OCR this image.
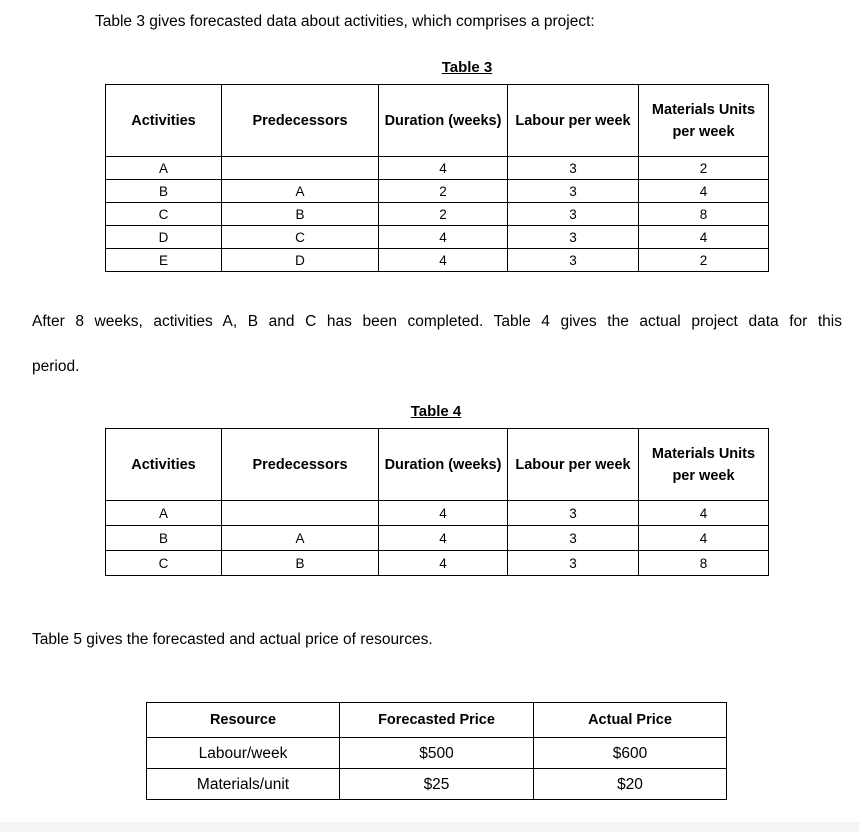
Table 3 gives forecasted data about activities, which comprises a project:
Table 3
Activities	Predecessors	Duration (weeks)	Labour per week	Materials Units per week
A		4	3	2
B	A	2	3	4
C	B	2	3	8
D	C	4	3	4
E	D	4	3	2
After 8 weeks, activities A, B and C has been completed. Table 4 gives the actual project data for this
period.
Table 4
Activities	Predecessors	Duration (weeks)	Labour per week	Materials Units per week
A		4	3	4
B	A	4	3	4
C	B	4	3	8
Table 5 gives the forecasted and actual price of resources.
Resource	Forecasted Price	Actual Price
Labour/week	$500	$600
Materials/unit	$25	$20
